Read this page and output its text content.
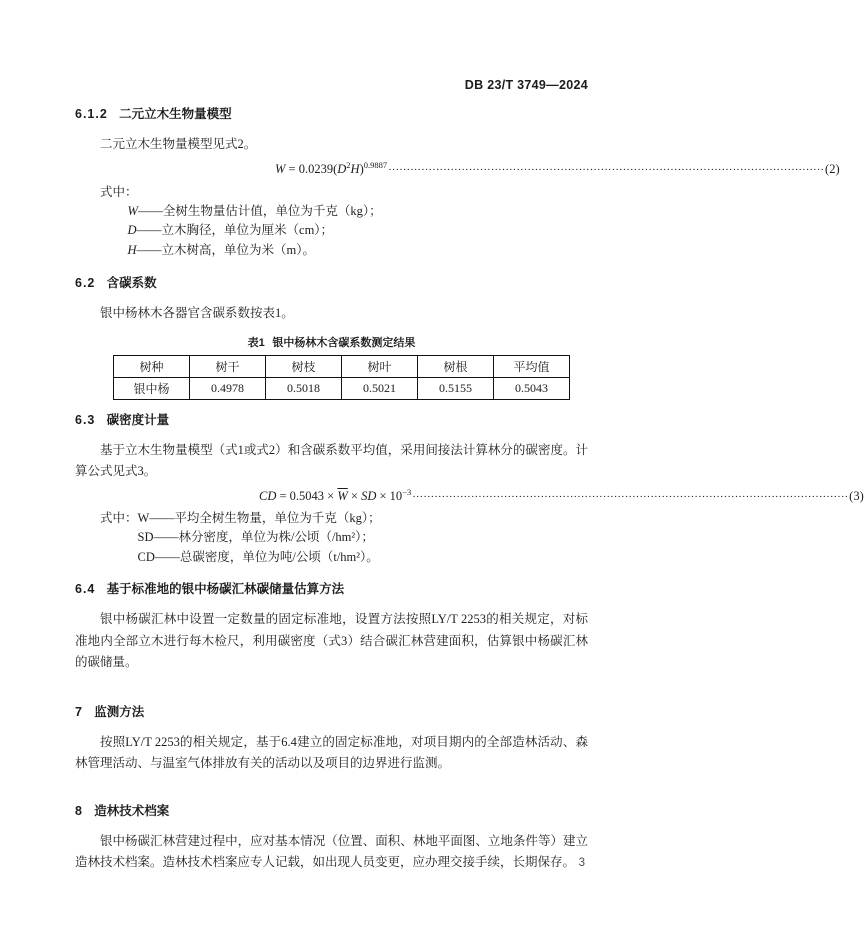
DB 23/T 3749—2024
6.1.2 二元立木生物量模型
二元立木生物量模型见式2。
$W = 0.0239(D^2H)^{0.9887}$ ······················································································································· (2)
式中：
W——全树生物量估计值，单位为千克（kg）；
D——立木胸径，单位为厘米（cm）；
H——立木树高，单位为米（m）。
6.2 含碳系数
银中杨林木各器官含碳系数按表1。
表1 银中杨林木含碳系数测定结果
树种	树干	树枝	树叶	树根	平均值
银中杨	0.4978	0.5018	0.5021	0.5155	0.5043
6.3 碳密度计量
基于立木生物量模型（式1或式2）和含碳系数平均值，采用间接法计算林分的碳密度。计算公式见式3。
CD = $0.5043 \times \overline{W}$ × SD × $10^{-3}$ ······················································································································· (3)
式中：W——平均全树生物量，单位为千克（kg）；
SD——林分密度，单位为株/公顷（/hm²）；
CD——总碳密度，单位为吨/公顷（t/hm²）。
6.4 基于标准地的银中杨碳汇林碳储量估算方法
银中杨碳汇林中设置一定数量的固定标准地，设置方法按照LY/T 2253的相关规定，对标准地内全部立木进行每木检尺，利用碳密度（式3）结合碳汇林营建面积，估算银中杨碳汇林的碳储量。
7 监测方法
按照LY/T 2253的相关规定，基于6.4建立的固定标准地，对项目期内的全部造林活动、森林管理活动、与温室气体排放有关的活动以及项目的边界进行监测。
8 造林技术档案
银中杨碳汇林营建过程中，应对基本情况（位置、面积、林地平面图、立地条件等）建立造林技术档案。造林技术档案应专人记载，如出现人员变更，应办理交接手续，长期保存。 3
